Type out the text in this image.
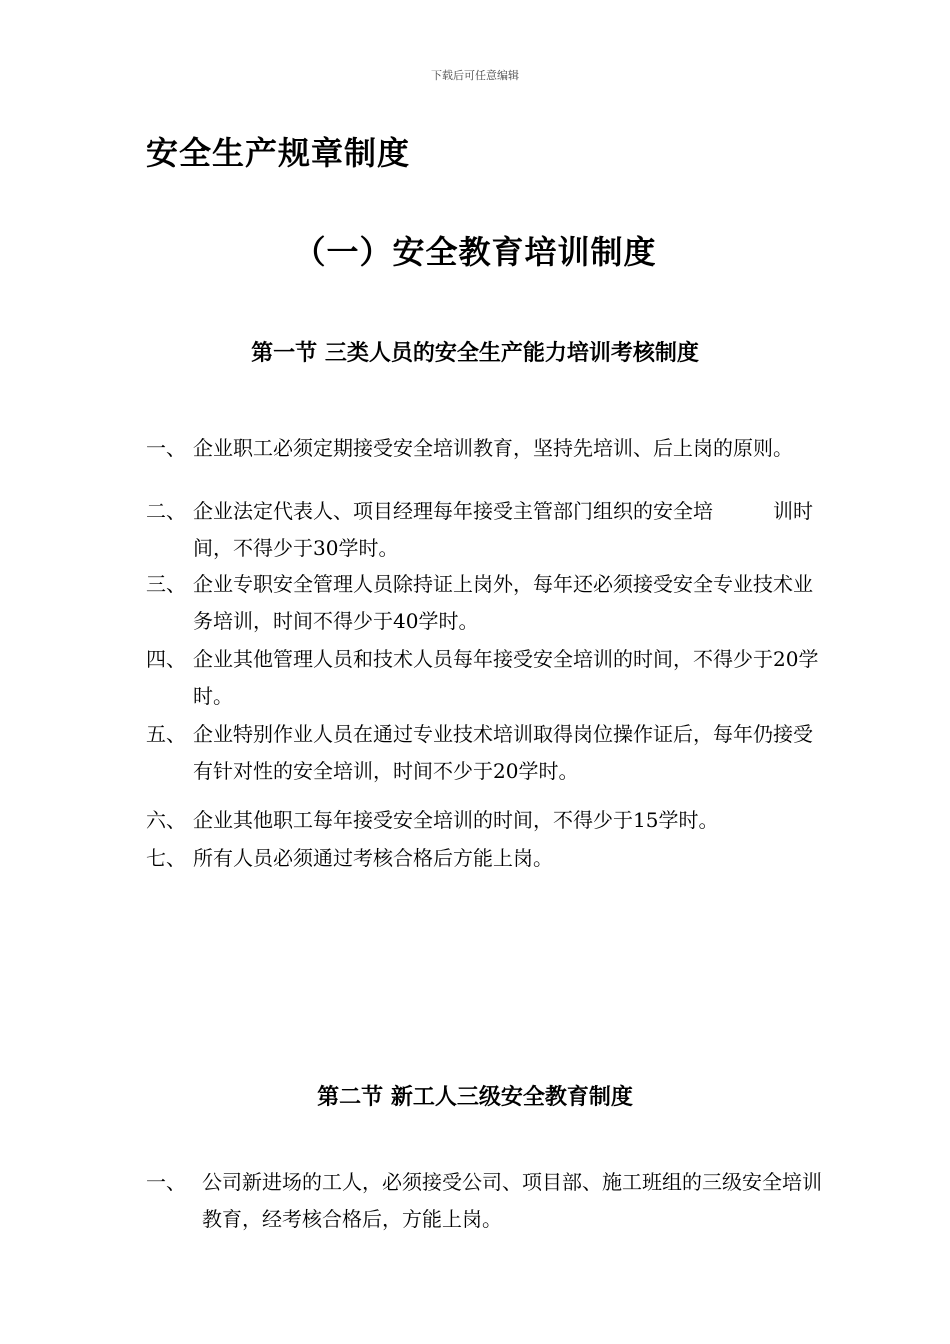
下载后可任意编辑
安全生产规章制度
（一）安全教育培训制度
第一节 三类人员的安全生产能力培训考核制度
一、 企业职工必须定期接受安全培训教育，坚持先培训、后上岗的原则。
二、 企业法定代表人、项目经理每年接受主管部门组织的安全培　　　训时间，不得少于30学时。
三、 企业专职安全管理人员除持证上岗外，每年还必须接受安全专业技术业务培训，时间不得少于40学时。
四、 企业其他管理人员和技术人员每年接受安全培训的时间，不得少于20学时。
五、 企业特别作业人员在通过专业技术培训取得岗位操作证后，每年仍接受有针对性的安全培训，时间不少于20学时。
六、 企业其他职工每年接受安全培训的时间，不得少于15学时。
七、 所有人员必须通过考核合格后方能上岗。
第二节 新工人三级安全教育制度
一、 公司新进场的工人，必须接受公司、项目部、施工班组的三级安全培训教育，经考核合格后，方能上岗。
